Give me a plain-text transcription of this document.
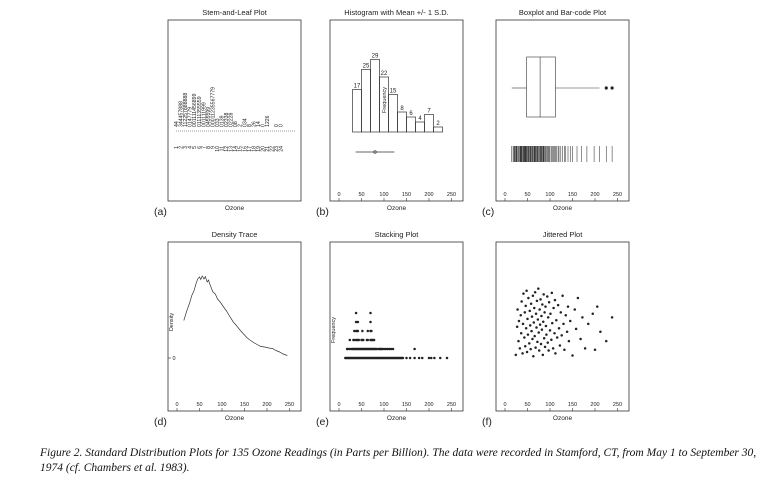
Stem-and-Leaf Plot
Ozone
(a)
Histogram with Mean +/- 1 S.D.
Ozone
(b)
Boxplot and Bar-code Plot
Ozone
(c)
Density Trace
Ozone
(d)
Stacking Plot
Ozone
(e)
Jittered Plot
Ozone
(f)
1
44
2
344457888
3
112257888888
4
0147779
5
001111456899
6
01111355559
7
001111999
8
0455599
9
00011235567779
10
033
11
0139
12
02338
13
02228
14
08
15
2
16
034
17
8
18
26
19
14
20
0
21
1226
22
23
0
24
0
17
25
29
22
15
8
6
4
7
2
Frequency
0	50	100 150 200 250	0	50	100 150 200 250
0
Density
0	50	100 150 200 250
Frequency
0	50	100 150 200 250	0	50	100 150 200 250
Figure 2. Standard Distribution Plots for 135 Ozone Readings (in Parts per Billion). The data were recorded in Stamford, CT, from May 1 to September 30, 1974 (cf. Chambers et al. 1983).
